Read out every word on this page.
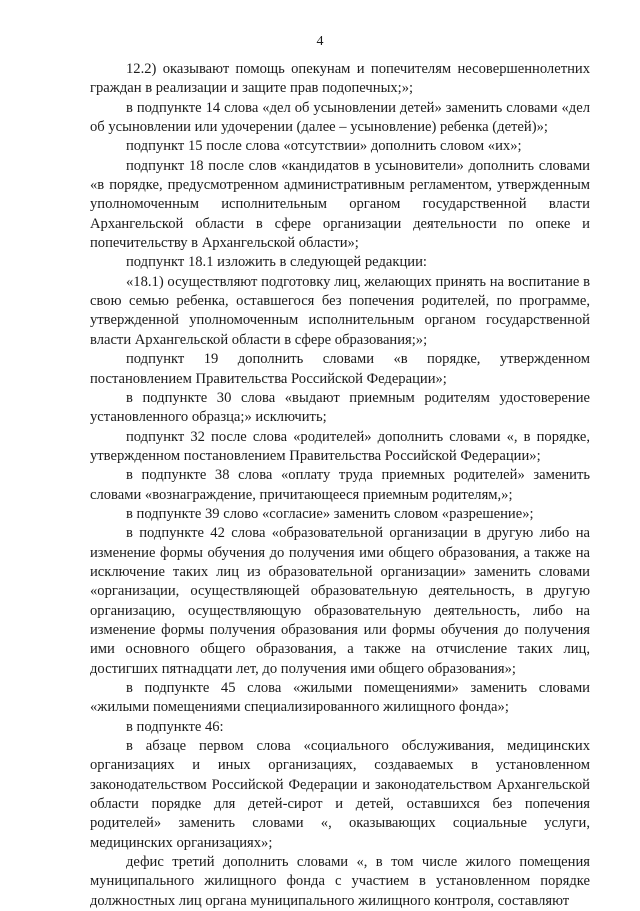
4

12.2) оказывают помощь опекунам и попечителям несовершеннолетних граждан в реализации и защите прав подопечных;»;

в подпункте 14 слова «дел об усыновлении детей» заменить словами «дел об усыновлении или удочерении (далее – усыновление) ребенка (детей)»;

подпункт 15 после слова «отсутствии» дополнить словом «их»;

подпункт 18 после слов «кандидатов в усыновители» дополнить словами «в порядке, предусмотренном административным регламентом, утвержденным уполномоченным исполнительным органом государственной власти Архангельской области в сфере организации деятельности по опеке и попечительству в Архангельской области»;

подпункт 18.1 изложить в следующей редакции:

«18.1) осуществляют подготовку лиц, желающих принять на воспитание в свою семью ребенка, оставшегося без попечения родителей, по программе, утвержденной уполномоченным исполнительным органом государственной власти Архангельской области в сфере образования;»;

подпункт 19 дополнить словами «в порядке, утвержденном постановлением Правительства Российской Федерации»;

в подпункте 30 слова «выдают приемным родителям удостоверение установленного образца;» исключить;

подпункт 32 после слова «родителей» дополнить словами «, в порядке, утвержденном постановлением Правительства Российской Федерации»;

в подпункте 38 слова «оплату труда приемных родителей» заменить словами «вознаграждение, причитающееся приемным родителям,»;

в подпункте 39 слово «согласие» заменить словом «разрешение»;

в подпункте 42 слова «образовательной организации в другую либо на изменение формы обучения до получения ими общего образования, а также на исключение таких лиц из образовательной организации» заменить словами «организации, осуществляющей образовательную деятельность, в другую организацию, осуществляющую образовательную деятельность, либо на изменение формы получения образования или формы обучения до получения ими основного общего образования, а также на отчисление таких лиц, достигших пятнадцати лет, до получения ими общего образования»;

в подпункте 45 слова «жилыми помещениями» заменить словами «жилыми помещениями специализированного жилищного фонда»;

в подпункте 46:

в абзаце первом слова «социального обслуживания, медицинских организациях и иных организациях, создаваемых в установленном законодательством Российской Федерации и законодательством Архангельской области порядке для детей-сирот и детей, оставшихся без попечения родителей» заменить словами «, оказывающих социальные услуги, медицинских организациях»;

дефис третий дополнить словами «, в том числе жилого помещения муниципального жилищного фонда с участием в установленном порядке должностных лиц органа муниципального жилищного контроля, составляют
